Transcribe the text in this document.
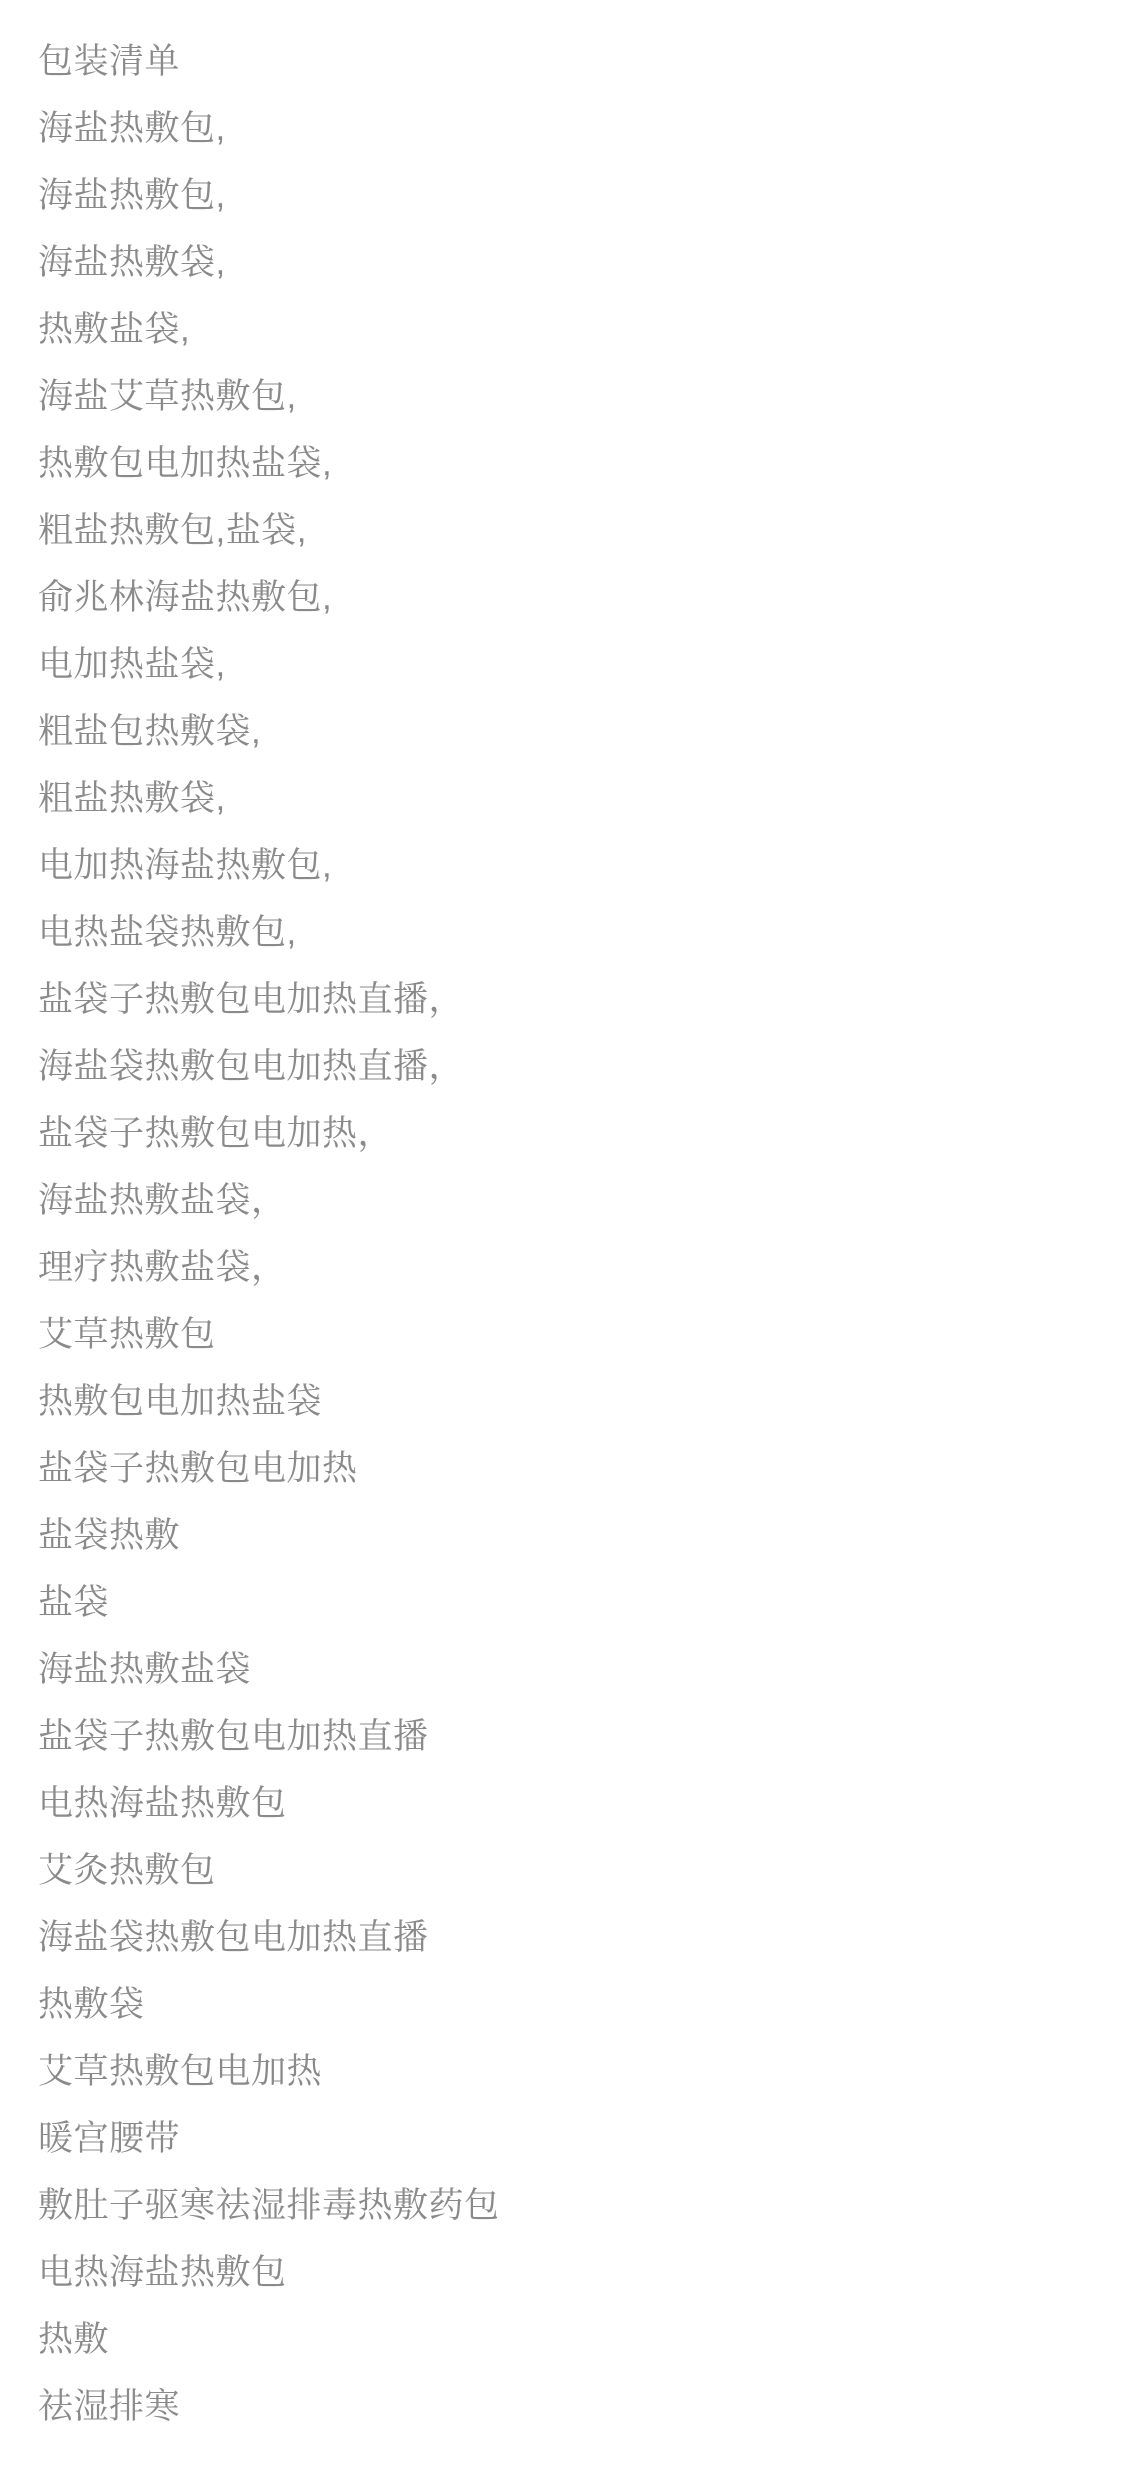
包装清单
海盐热敷包,
海盐热敷包,
海盐热敷袋,
热敷盐袋,
海盐艾草热敷包,
热敷包电加热盐袋,
粗盐热敷包,盐袋,
俞兆林海盐热敷包,
电加热盐袋,
粗盐包热敷袋,
粗盐热敷袋,
电加热海盐热敷包,
电热盐袋热敷包,
盐袋子热敷包电加热直播，
海盐袋热敷包电加热直播，
盐袋子热敷包电加热，
海盐热敷盐袋，
理疗热敷盐袋，
艾草热敷包
热敷包电加热盐袋
盐袋子热敷包电加热
盐袋热敷
盐袋
海盐热敷盐袋
盐袋子热敷包电加热直播
电热海盐热敷包
艾灸热敷包
海盐袋热敷包电加热直播
热敷袋
艾草热敷包电加热
暖宫腰带
敷肚子驱寒祛湿排毒热敷药包
电热海盐热敷包
热敷
祛湿排寒
